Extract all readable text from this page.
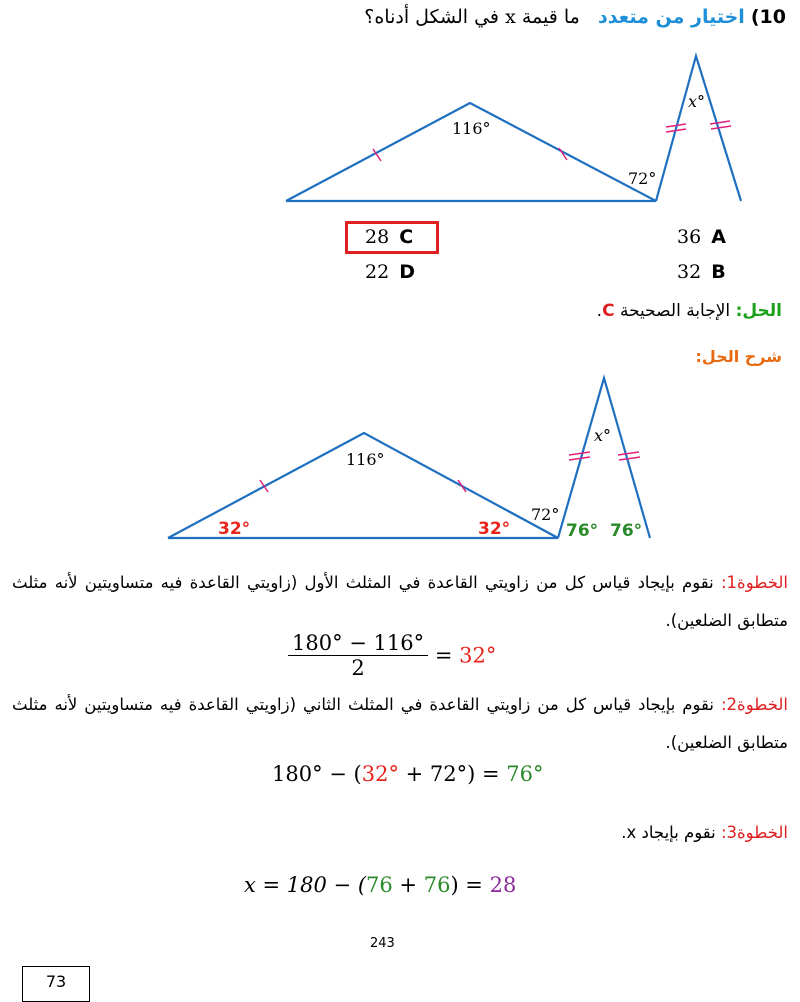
10) اختيار من متعدد   ما قيمة x في الشكل أدناه؟
116°
72°
x°
28 C
22 D
36 A
32 B
الحل: الإجابة الصحيحة C.
شرح الحل:
116°
72°
x°
32°	32°	76° 76°
الخطوة1: نقوم بإيجاد قياس كل من زاويتي القاعدة في المثلث الأول (زاويتي القاعدة فيه متساويتين لأنه مثلث متطابق الضلعين).
$\frac{180^\circ - 116^\circ}{2} = 32^\circ$
الخطوة2: نقوم بإيجاد قياس كل من زاويتي القاعدة في المثلث الثاني (زاويتي القاعدة فيه متساويتين لأنه مثلث متطابق الضلعين).
180° − (32° + 72°) = 76°
الخطوة3: نقوم بإيجاد x.
x = 180 − (76 + 76) = 28
243
73
